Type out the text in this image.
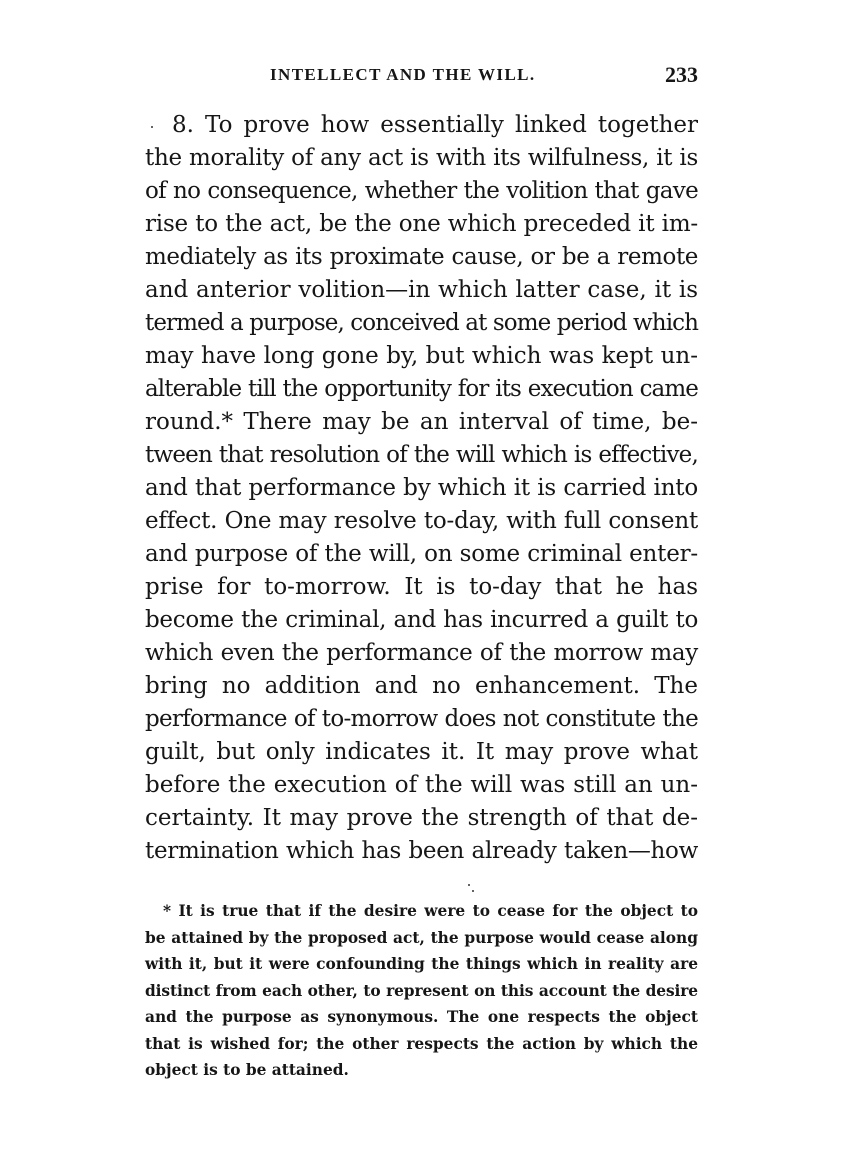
INTELLECT AND THE WILL.	233
8. To prove how essentially linked together
the morality of any act is with its wilfulness, it is
of no consequence, whether the volition that gave
rise to the act, be the one which preceded it im-
mediately as its proximate cause, or be a remote
and anterior volition—in which latter case, it is
termed a purpose, conceived at some period which
may have long gone by, but which was kept un-
alterable till the opportunity for its execution came
round.* There may be an interval of time, be-
tween that resolution of the will which is effective,
and that performance by which it is carried into
effect. One may resolve to-day, with full consent
and purpose of the will, on some criminal enter-
prise for to-morrow. It is to-day that he has
become the criminal, and has incurred a guilt to
which even the performance of the morrow may
bring no addition and no enhancement. The
performance of to-morrow does not constitute the
guilt, but only indicates it. It may prove what
before the execution of the will was still an un-
certainty. It may prove the strength of that de-
termination which has been already taken—how
* It is true that if the desire were to cease for the object to
be attained by the proposed act, the purpose would cease along
with it, but it were confounding the things which in reality are
distinct from each other, to represent on this account the desire
and the purpose as synonymous. The one respects the object
that is wished for; the other respects the action by which the
object is to be attained.
